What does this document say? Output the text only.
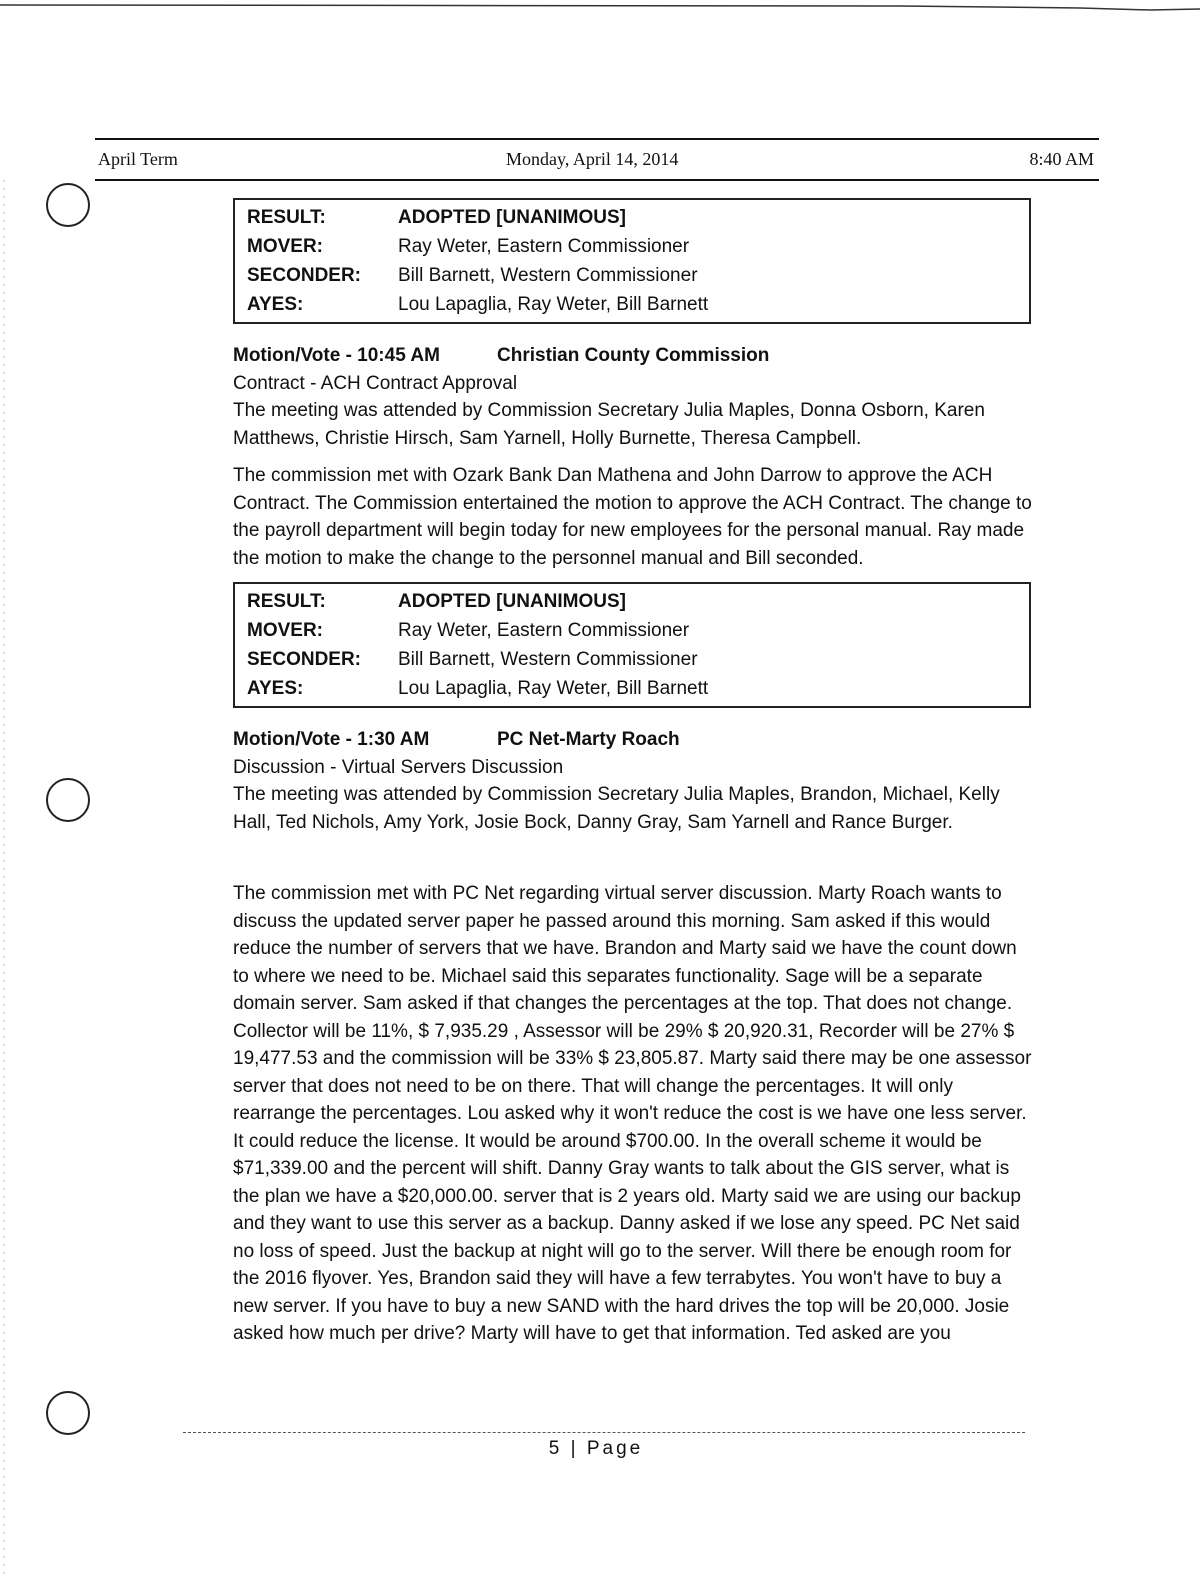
April Term	Monday, April 14, 2014	8:40 AM
RESULT:	ADOPTED [UNANIMOUS]
MOVER:	Ray Weter, Eastern Commissioner
SECONDER:	Bill Barnett, Western Commissioner
AYES:	Lou Lapaglia, Ray Weter, Bill Barnett

Motion/Vote - 10:45 AM	Christian County Commission

Contract - ACH Contract Approval

The meeting was attended by Commission Secretary Julia Maples, Donna Osborn, Karen Matthews, Christie Hirsch, Sam Yarnell, Holly Burnette, Theresa Campbell.

The commission met with Ozark Bank Dan Mathena and John Darrow to approve the ACH Contract. The Commission entertained the motion to approve the ACH Contract. The change to the payroll department will begin today for new employees for the personal manual. Ray made the motion to make the change to the personnel manual and Bill seconded.

RESULT:	ADOPTED [UNANIMOUS]
MOVER:	Ray Weter, Eastern Commissioner
SECONDER:	Bill Barnett, Western Commissioner
AYES:	Lou Lapaglia, Ray Weter, Bill Barnett

Motion/Vote - 1:30 AM	PC Net-Marty Roach

Discussion - Virtual Servers Discussion

The meeting was attended by Commission Secretary Julia Maples, Brandon, Michael, Kelly Hall, Ted Nichols, Amy York, Josie Bock, Danny Gray, Sam Yarnell and Rance Burger.

The commission met with PC Net regarding virtual server discussion. Marty Roach wants to discuss the updated server paper he passed around this morning. Sam asked if this would reduce the number of servers that we have. Brandon and Marty said we have the count down to where we need to be. Michael said this separates functionality. Sage will be a separate domain server. Sam asked if that changes the percentages at the top. That does not change. Collector will be 11%, $ 7,935.29 , Assessor will be 29% $ 20,920.31, Recorder will be 27% $ 19,477.53 and the commission will be 33% $ 23,805.87. Marty said there may be one assessor server that does not need to be on there. That will change the percentages. It will only rearrange the percentages. Lou asked why it won't reduce the cost is we have one less server. It could reduce the license. It would be around $700.00. In the overall scheme it would be $71,339.00 and the percent will shift. Danny Gray wants to talk about the GIS server, what is the plan we have a $20,000.00. server that is 2 years old. Marty said we are using our backup and they want to use this server as a backup. Danny asked if we lose any speed. PC Net said no loss of speed. Just the backup at night will go to the server. Will there be enough room for the 2016 flyover. Yes, Brandon said they will have a few terrabytes. You won't have to buy a new server. If you have to buy a new SAND with the hard drives the top will be 20,000. Josie asked how much per drive? Marty will have to get that information. Ted asked are you

5 | Page
